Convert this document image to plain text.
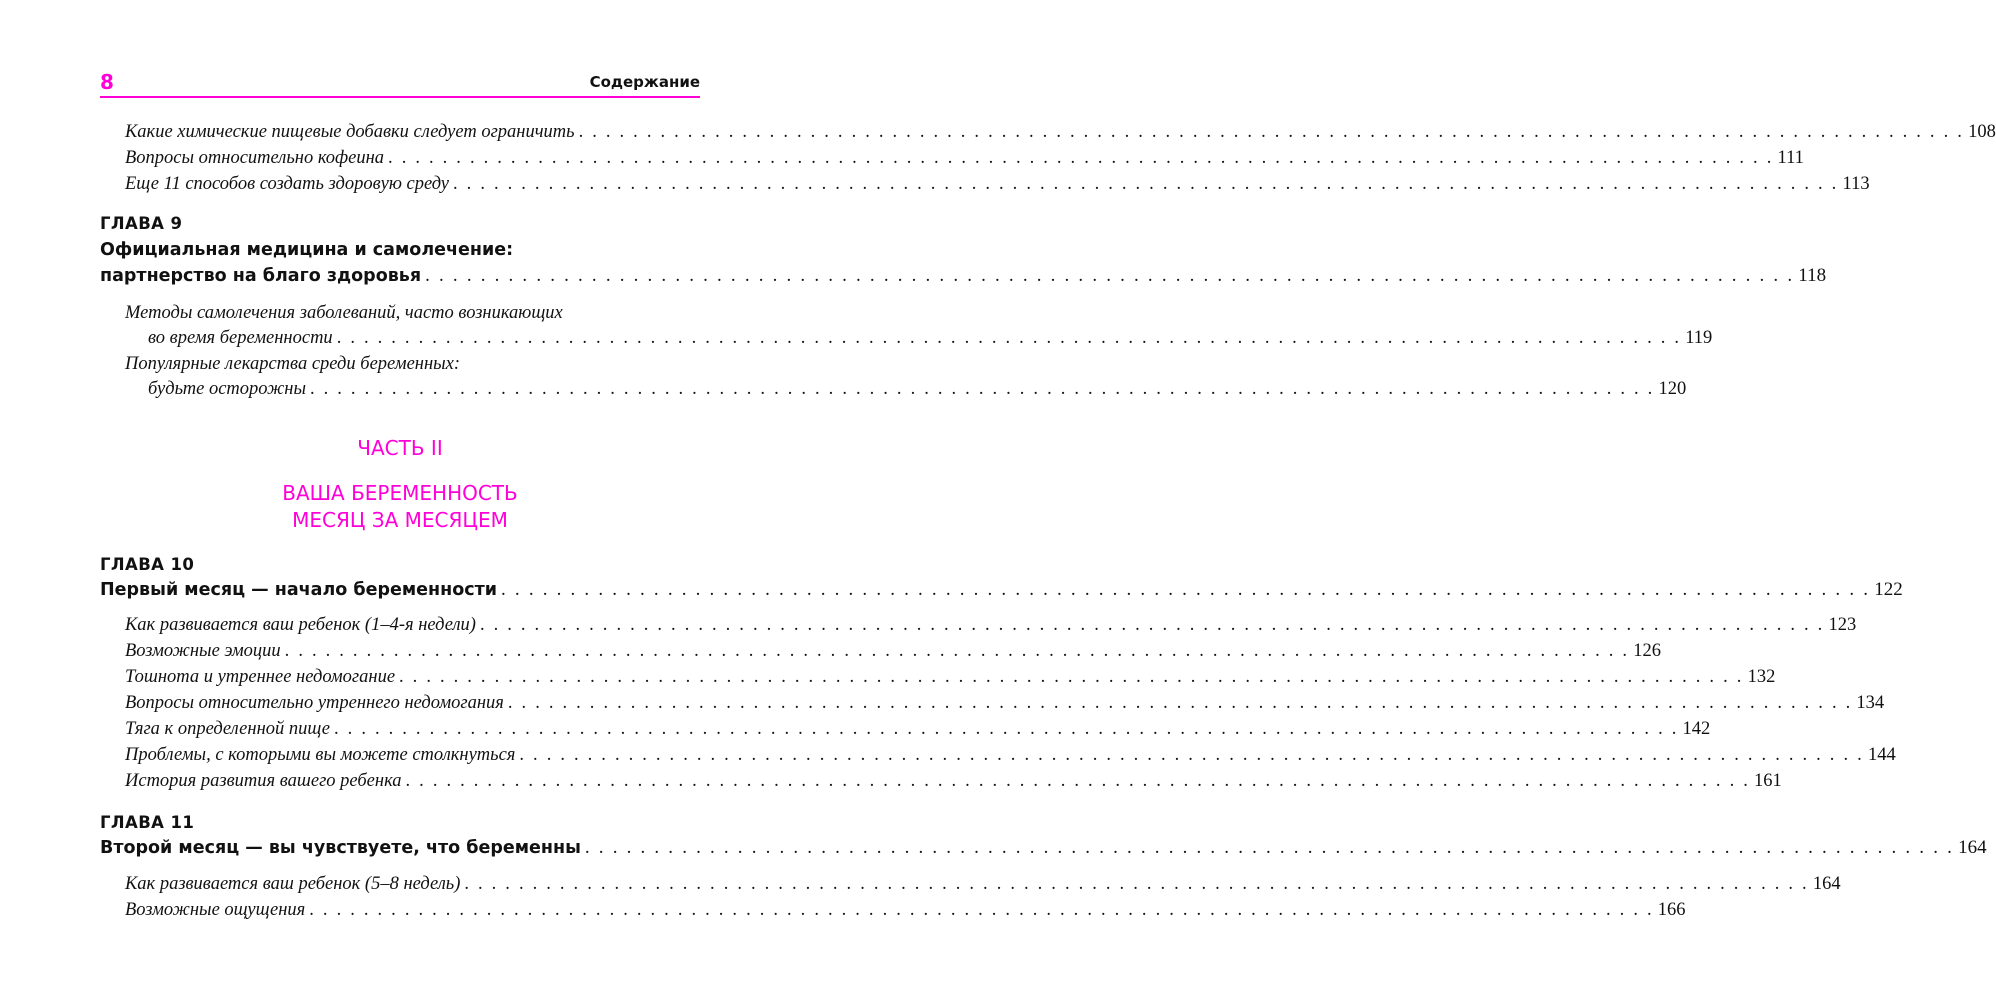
8	Содержание
Какие химические пищевые добавки следует ограничить . . . . . . . . . . . . . . . . . . . . . . . . . . . . . . . . . . . . . . . . . . . . . . . . . . . . . . . . . . . . . . . . . . . . . . . . . . . . . . . . . . . . . . . . . . . . . . . . . . . . . . 108
Вопросы относительно кофеина . . . . . . . . . . . . . . . . . . . . . . . . . . . . . . . . . . . . . . . . . . . . . . . . . . . . . . . . . . . . . . . . . . . . . . . . . . . . . . . . . . . . . . . . . . . . . . . . . . . . . . 111
Еще 11 способов создать здоровую среду . . . . . . . . . . . . . . . . . . . . . . . . . . . . . . . . . . . . . . . . . . . . . . . . . . . . . . . . . . . . . . . . . . . . . . . . . . . . . . . . . . . . . . . . . . . . . . . . . . . . . . 113
ГЛАВА 9
Официальная медицина и самолечение:
партнерство на благо здоровья . . . . . . . . . . . . . . . . . . . . . . . . . . . . . . . . . . . . . . . . . . . . . . . . . . . . . . . . . . . . . . . . . . . . . . . . . . . . . . . . . . . . . . . . . . . . . . . . . . . 118
Методы самолечения заболеваний, часто возникающих
во время беременности . . . . . . . . . . . . . . . . . . . . . . . . . . . . . . . . . . . . . . . . . . . . . . . . . . . . . . . . . . . . . . . . . . . . . . . . . . . . . . . . . . . . . . . . . . . . . . . . . . . 119
Популярные лекарства среди беременных:
будьте осторожны . . . . . . . . . . . . . . . . . . . . . . . . . . . . . . . . . . . . . . . . . . . . . . . . . . . . . . . . . . . . . . . . . . . . . . . . . . . . . . . . . . . . . . . . . . . . . . . . . . . 120
ЧАСТЬ II
ВАША БЕРЕМЕННОСТЬ
МЕСЯЦ ЗА МЕСЯЦЕМ
ГЛАВА 10
Первый месяц — начало беременности . . . . . . . . . . . . . . . . . . . . . . . . . . . . . . . . . . . . . . . . . . . . . . . . . . . . . . . . . . . . . . . . . . . . . . . . . . . . . . . . . . . . . . . . . . . . . . . . . . . 122
Как развивается ваш ребенок (1–4-я недели) . . . . . . . . . . . . . . . . . . . . . . . . . . . . . . . . . . . . . . . . . . . . . . . . . . . . . . . . . . . . . . . . . . . . . . . . . . . . . . . . . . . . . . . . . . . . . . . . . . . 123
Возможные эмоции . . . . . . . . . . . . . . . . . . . . . . . . . . . . . . . . . . . . . . . . . . . . . . . . . . . . . . . . . . . . . . . . . . . . . . . . . . . . . . . . . . . . . . . . . . . . . . . . . . . 126
Тошнота и утреннее недомогание . . . . . . . . . . . . . . . . . . . . . . . . . . . . . . . . . . . . . . . . . . . . . . . . . . . . . . . . . . . . . . . . . . . . . . . . . . . . . . . . . . . . . . . . . . . . . . . . . . . 132
Вопросы относительно утреннего недомогания . . . . . . . . . . . . . . . . . . . . . . . . . . . . . . . . . . . . . . . . . . . . . . . . . . . . . . . . . . . . . . . . . . . . . . . . . . . . . . . . . . . . . . . . . . . . . . . . . . . 134
Тяга к определенной пище . . . . . . . . . . . . . . . . . . . . . . . . . . . . . . . . . . . . . . . . . . . . . . . . . . . . . . . . . . . . . . . . . . . . . . . . . . . . . . . . . . . . . . . . . . . . . . . . . . . 142
Проблемы, с которыми вы можете столкнуться . . . . . . . . . . . . . . . . . . . . . . . . . . . . . . . . . . . . . . . . . . . . . . . . . . . . . . . . . . . . . . . . . . . . . . . . . . . . . . . . . . . . . . . . . . . . . . . . . . . 144
История развития вашего ребенка . . . . . . . . . . . . . . . . . . . . . . . . . . . . . . . . . . . . . . . . . . . . . . . . . . . . . . . . . . . . . . . . . . . . . . . . . . . . . . . . . . . . . . . . . . . . . . . . . . . 161
ГЛАВА 11
Второй месяц — вы чувствуете, что беременны . . . . . . . . . . . . . . . . . . . . . . . . . . . . . . . . . . . . . . . . . . . . . . . . . . . . . . . . . . . . . . . . . . . . . . . . . . . . . . . . . . . . . . . . . . . . . . . . . . . 164
Как развивается ваш ребенок (5–8 недель) . . . . . . . . . . . . . . . . . . . . . . . . . . . . . . . . . . . . . . . . . . . . . . . . . . . . . . . . . . . . . . . . . . . . . . . . . . . . . . . . . . . . . . . . . . . . . . . . . . . 164
Возможные ощущения . . . . . . . . . . . . . . . . . . . . . . . . . . . . . . . . . . . . . . . . . . . . . . . . . . . . . . . . . . . . . . . . . . . . . . . . . . . . . . . . . . . . . . . . . . . . . . . . . . . 166
